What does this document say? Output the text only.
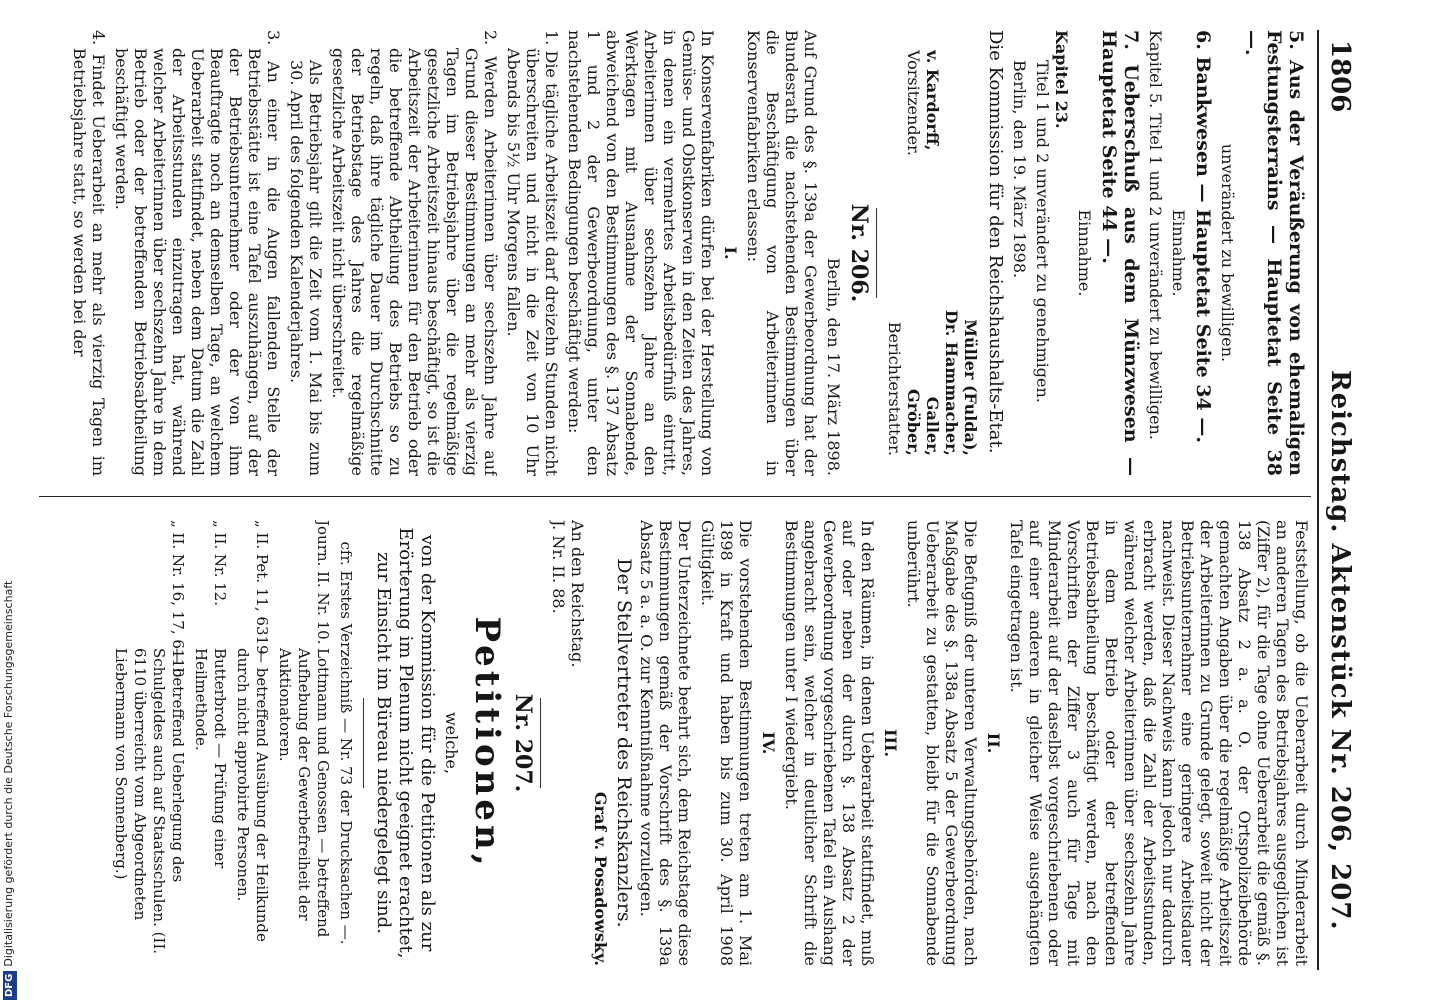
1806
Reichstag. Aktenstück Nr. 206, 207.

5. Aus der Veräußerung von ehemaligen Festungsterrains — Hauptetat Seite 38 —.

unverändert zu bewilligen.

6. Bankwesen — Hauptetat Seite 34 —.

Einnahme.

Kapitel 5. Titel 1 und 2 unverändert zu bewilligen.

7. Ueberschuß aus dem Münzwesen — Hauptetat Seite 44 —.

Einnahme.

Kapitel 23.

Titel 1 und 2 unverändert zu genehmigen.

Berlin, den 19. März 1898.

Die Kommission für den Reichshaushalts-Etat.

v. Kardorff,
Vorsitzender.
Müller (Fulda),
Dr. Hammacher,
Galler,
Gröber,
Berichterstatter.

Nr. 206.

Berlin, den 17. März 1898.

Auf Grund des §. 139a der Gewerbeordnung hat der Bundesrath die nachstehenden Bestimmungen über die Beschäftigung von Arbeiterinnen in Konservenfabriken erlassen:

I.

In Konservenfabriken dürfen bei der Herstellung von Gemüse- und Obstkonserven in den Zeiten des Jahres, in denen ein vermehrtes Arbeitsbedürfniß eintritt, Arbeiterinnen über sechszehn Jahre an den Werktagen mit Ausnahme der Sonnabende, abweichend von den Bestimmungen des §. 137 Absatz 1 und 2 der Gewerbeordnung, unter den nachstehenden Bedingungen beschäftigt werden:

1. Die tägliche Arbeitszeit darf dreizehn Stunden nicht überschreiten und nicht in die Zeit von 10 Uhr Abends bis 5½ Uhr Morgens fallen.

2. Werden Arbeiterinnen über sechszehn Jahre auf Grund dieser Bestimmungen an mehr als vierzig Tagen im Betriebsjahre über die regelmäßige gesetzliche Arbeitszeit hinaus beschäftigt, so ist die Arbeitszeit der Arbeiterinnen für den Betrieb oder die betreffende Abtheilung des Betriebs so zu regeln, daß ihre tägliche Dauer im Durchschnitte der Betriebstage des Jahres die regelmäßige gesetzliche Arbeitszeit nicht überschreitet.

Als Betriebsjahr gilt die Zeit vom 1. Mai bis zum 30. April des folgenden Kalenderjahres.

3. An einer in die Augen fallenden Stelle der Betriebsstätte ist eine Tafel auszuhängen, auf der der Betriebsunternehmer oder der von ihm Beauftragte noch an demselben Tage, an welchem Ueberarbeit stattfindet, neben dem Datum die Zahl der Arbeitsstunden einzutragen hat, während welcher Arbeiterinnen über sechszehn Jahre in dem Betrieb oder der betreffenden Betriebsabtheilung beschäftigt werden.

4. Findet Ueberarbeit an mehr als vierzig Tagen im Betriebsjahre statt, so werden bei der

Feststellung, ob die Ueberarbeit durch Minderarbeit an anderen Tagen des Betriebsjahres ausgeglichen ist (Ziffer 2), für die Tage ohne Ueberarbeit die gemäß §. 138 Absatz 2 a. a. O. der Ortspolizeibehörde gemachten Angaben über die regelmäßige Arbeitszeit der Arbeiterinnen zu Grunde gelegt, soweit nicht der Betriebsunternehmer eine geringere Arbeitsdauer nachweist. Dieser Nachweis kann jedoch nur dadurch erbracht werden, daß die Zahl der Arbeitsstunden, während welcher Arbeiterinnen über sechszehn Jahre in dem Betrieb oder der betreffenden Betriebsabtheilung beschäftigt werden, nach den Vorschriften der Ziffer 3 auch für Tage mit Minderarbeit auf der daselbst vorgeschriebenen oder auf einer anderen in gleicher Weise ausgehängten Tafel eingetragen ist.

II.

Die Befugniß der unteren Verwaltungsbehörden, nach Maßgabe des §. 138a Absatz 5 der Gewerbeordnung Ueberarbeit zu gestatten, bleibt für die Sonnabende unberührt.

III.

In den Räumen, in denen Ueberarbeit stattfindet, muß auf oder neben der durch §. 138 Absatz 2 der Gewerbeordnung vorgeschriebenen Tafel ein Aushang angebracht sein, welcher in deutlicher Schrift die Bestimmungen unter I wiedergiebt.

IV.

Die vorstehenden Bestimmungen treten am 1. Mai 1898 in Kraft und haben bis zum 30. April 1908 Gültigkeit.

Der Unterzeichnete beehrt sich, dem Reichstage diese Bestimmungen gemäß der Vorschrift des §. 139a Absatz 5 a. a. O. zur Kenntnißnahme vorzulegen.

Der Stellvertreter des Reichskanzlers.

Graf v. Posadowsky.

An den Reichstag.

J. Nr. II. 88.

Nr. 207.

Petitionen,

welche,

von der Kommission für die Petitionen als zur Erörterung im Plenum nicht geeignet erachtet, zur Einsicht im Büreau niedergelegt sind.

cfr. Erstes Verzeichniß — Nr. 73 der Drucksachen —.

Journ. II. Nr. 10.
Lottmann und Genossen — betreffend Aufhebung der Gewerbefreiheit der Auktionatoren.
„ II. Pet. 11, 6319
— betreffend Ausübung der Heilkunde durch nicht approbirte Personen.
„ II. Nr. 12.
Butterbrodt — Prüfung einer Heilmethode.
„ II. Nr. 16, 17, 6110
— betreffend Ueberlegung des Schulgeldes auch auf Staatsschulen. (II. 6110 überreicht vom Abgeordneten Liebermann von Sonnenberg.)
DFGDigitalisierung gefördert durch die Deutsche Forschungsgemeinschaft
